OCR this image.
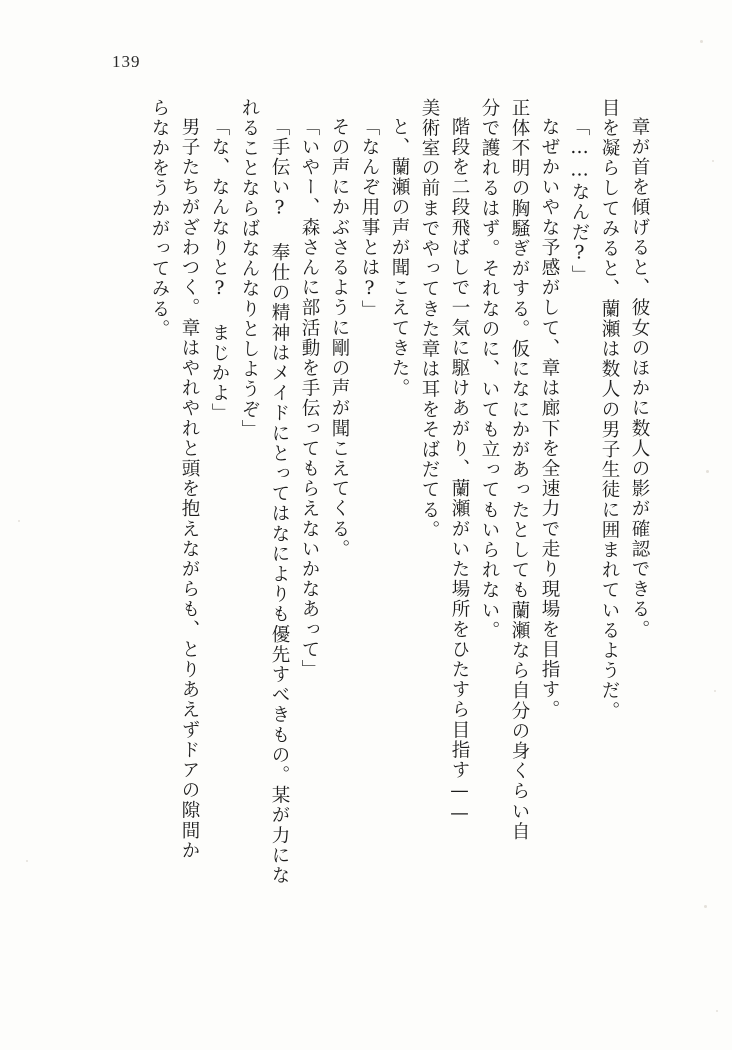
139
章が首を傾げると、彼女のほかに数人の影が確認できる。
目を凝らしてみると、蘭瀬は数人の男子生徒に囲まれているようだ。
「……なんだ?」
なぜかいやな予感がして、章は廊下を全速力で走り現場を目指す。
正体不明の胸騒ぎがする。仮になにかがあったとしても蘭瀬なら自分の身くらい自
分で護れるはず。それなのに、いても立ってもいられない。
階段を二段飛ばしで一気に駆けあがり、蘭瀬がいた場所をひたすら目指す——
美術室の前までやってきた章は耳をそばだてる。
と、蘭瀬の声が聞こえてきた。
「なんぞ用事とは?」
その声にかぶさるように剛の声が聞こえてくる。
「いやー、森さんに部活動を手伝ってもらえないかなあって」
「手伝い? 奉仕の精神はメイドにとってはなによりも優先すべきもの。某が力にな
れることならばなんなりとしようぞ」
「な、なんなりと? まじかよ」
男子たちがざわつく。章はやれやれと頭を抱えながらも、とりあえずドアの隙間か
らなかをうかがってみる。
